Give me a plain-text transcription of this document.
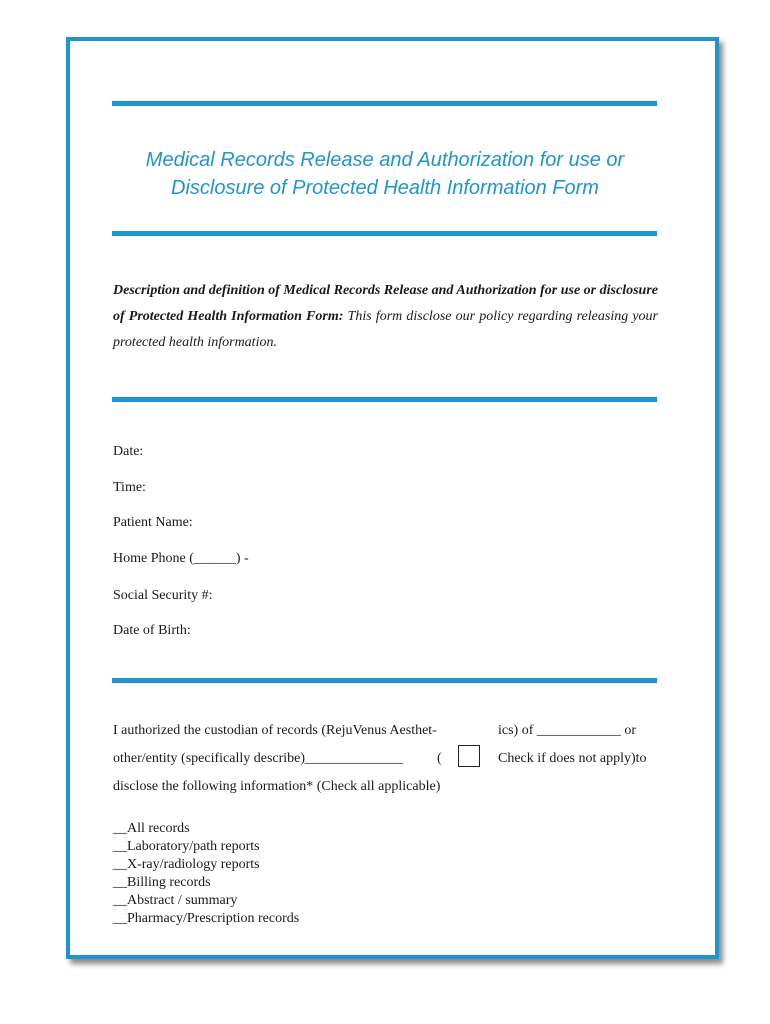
Medical Records Release and Authorization for use or
Disclosure of Protected Health Information Form

Description and definition of Medical Records Release and Authorization for use or disclosure of Protected Health Information Form: This form disclose our policy regarding releasing your protected health information.

Date:

Time:

Patient Name:

Home Phone (______) -

Social Security #:

Date of Birth:

I authorized the custodian of records (RejuVenus Aesthet-	ics) of ____________ or

other/entity (specifically describe)______________ (	Check if does not apply)to

disclose the following information* (Check all applicable)

__All records
__Laboratory/path reports
__X-ray/radiology reports
__Billing records
__Abstract / summary
__Pharmacy/Prescription records
